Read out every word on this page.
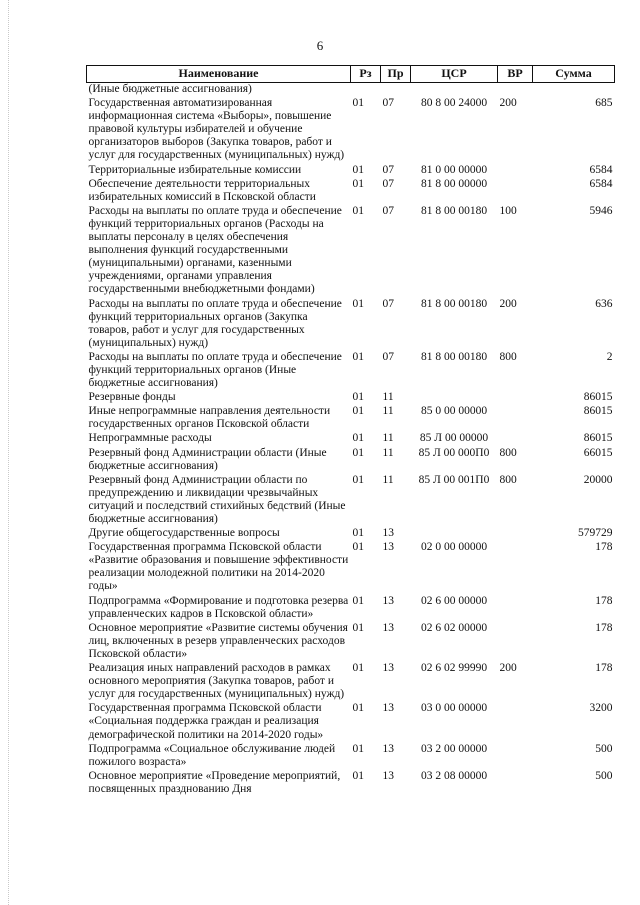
6
Наименование	Рз	Пр	ЦСР	ВР	Сумма
(Иные бюджетные ассигнования)					
Государственная автоматизированная информационная система «Выборы», повышение правовой культуры избирателей и обучение организаторов выборов (Закупка товаров, работ и услуг для государственных (муниципальных) нужд)	01	07	80 8 00 24000	200	685
Территориальные избирательные комиссии	01	07	81 0 00 00000		6584
Обеспечение деятельности территориальных избирательных комиссий в Псковской области	01	07	81 8 00 00000		6584
Расходы на выплаты по оплате труда и обеспечение функций территориальных органов (Расходы на выплаты персоналу в целях обеспечения выполнения функций государственными (муниципальными) органами, казенными учреждениями, органами управления государственными внебюджетными фондами)	01	07	81 8 00 00180	100	5946
Расходы на выплаты по оплате труда и обеспечение функций территориальных органов (Закупка товаров, работ и услуг для государственных (муниципальных) нужд)	01	07	81 8 00 00180	200	636
Расходы на выплаты по оплате труда и обеспечение функций территориальных органов (Иные бюджетные ассигнования)	01	07	81 8 00 00180	800	2
Резервные фонды	01	11			86015
Иные непрограммные направления деятельности государственных органов Псковской области	01	11	85 0 00 00000		86015
Непрограммные расходы	01	11	85 Л 00 00000		86015
Резервный фонд Администрации области (Иные бюджетные ассигнования)	01	11	85 Л 00 000П0	800	66015
Резервный фонд Администрации области по предупреждению и ликвидации чрезвычайных ситуаций и последствий стихийных бедствий (Иные бюджетные ассигнования)	01	11	85 Л 00 001П0	800	20000
Другие общегосударственные вопросы	01	13			579729
Государственная программа Псковской области «Развитие образования и повышение эффективности реализации молодежной политики на 2014-2020 годы»	01	13	02 0 00 00000		178
Подпрограмма «Формирование и подготовка резерва управленческих кадров в Псковской области»	01	13	02 6 00 00000		178
Основное мероприятие «Развитие системы обучения лиц, включенных в резерв управленческих расходов Псковской области»	01	13	02 6 02 00000		178
Реализация иных направлений расходов в рамках основного мероприятия (Закупка товаров, работ и услуг для государственных (муниципальных) нужд)	01	13	02 6 02 99990	200	178
Государственная программа Псковской области «Социальная поддержка граждан и реализация демографической политики на 2014-2020 годы»	01	13	03 0 00 00000		3200
Подпрограмма «Социальное обслуживание людей пожилого возраста»	01	13	03 2 00 00000		500
Основное мероприятие «Проведение мероприятий, посвященных празднованию Дня	01	13	03 2 08 00000		500
